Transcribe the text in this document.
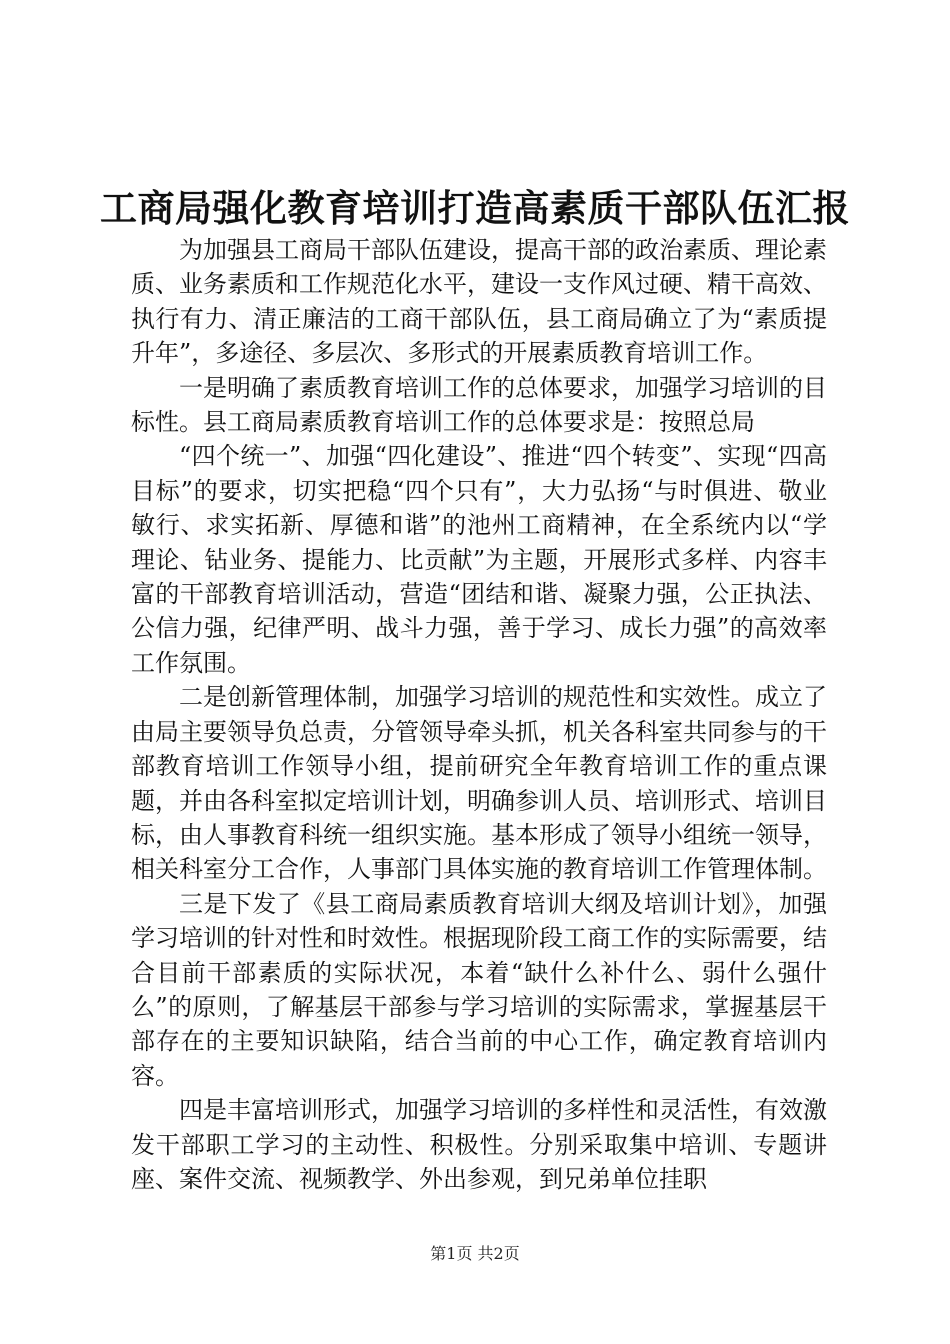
工商局强化教育培训打造高素质干部队伍汇报

为加强县工商局干部队伍建设，提高干部的政治素质、理论素质、业务素质和工作规范化水平，建设一支作风过硬、精干高效、执行有力、清正廉洁的工商干部队伍，县工商局确立了为“素质提升年”，多途径、多层次、多形式的开展素质教育培训工作。

一是明确了素质教育培训工作的总体要求，加强学习培训的目标性。县工商局素质教育培训工作的总体要求是：按照总局

“四个统一”、加强“四化建设”、推进“四个转变”、实现“四高目标”的要求，切实把稳“四个只有”，大力弘扬“与时俱进、敬业敏行、求实拓新、厚德和谐”的池州工商精神，在全系统内以“学理论、钻业务、提能力、比贡献”为主题，开展形式多样、内容丰富的干部教育培训活动，营造“团结和谐、凝聚力强，公正执法、公信力强，纪律严明、战斗力强，善于学习、成长力强”的高效率工作氛围。

二是创新管理体制，加强学习培训的规范性和实效性。成立了由局主要领导负总责，分管领导牵头抓，机关各科室共同参与的干部教育培训工作领导小组，提前研究全年教育培训工作的重点课题，并由各科室拟定培训计划，明确参训人员、培训形式、培训目标，由人事教育科统一组织实施。基本形成了领导小组统一领导，相关科室分工合作，人事部门具体实施的教育培训工作管理体制。

三是下发了《县工商局素质教育培训大纲及培训计划》，加强学习培训的针对性和时效性。根据现阶段工商工作的实际需要，结合目前干部素质的实际状况，本着“缺什么补什么、弱什么强什么”的原则，了解基层干部参与学习培训的实际需求，掌握基层干部存在的主要知识缺陷，结合当前的中心工作，确定教育培训内容。

四是丰富培训形式，加强学习培训的多样性和灵活性，有效激发干部职工学习的主动性、积极性。分别采取集中培训、专题讲座、案件交流、视频教学、外出参观，到兄弟单位挂职

第1页 共2页
